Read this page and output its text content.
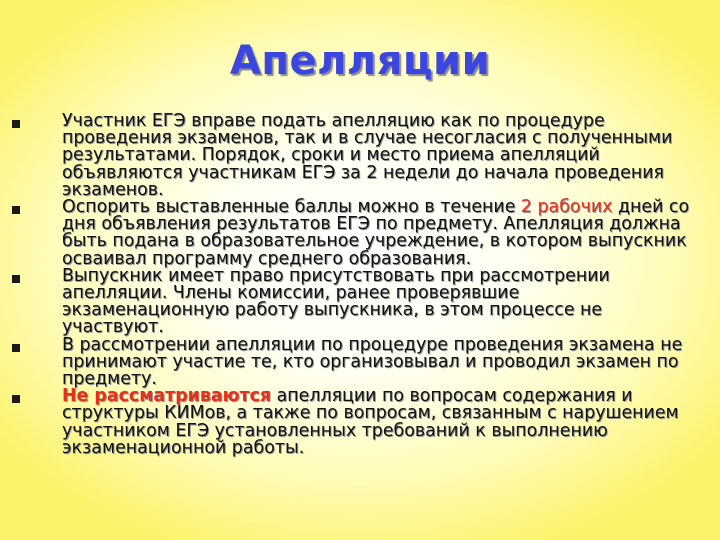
Апелляции
Участник ЕГЭ вправе подать апелляцию как по процедуре проведения экзаменов, так и в случае несогласия с полученными результатами. Порядок, сроки и место приема апелляций объявляются участникам ЕГЭ за 2 недели до начала проведения экзаменов.
Оспорить выставленные баллы можно в течение 2 рабочих дней со дня объявления результатов ЕГЭ по предмету. Апелляция должна быть подана в образовательное учреждение, в котором выпускник осваивал программу среднего образования.
Выпускник имеет право присутствовать при рассмотрении апелляции. Члены комиссии, ранее проверявшие экзаменационную работу выпускника, в этом процессе не участвуют.
В рассмотрении апелляции по процедуре проведения экзамена не принимают участие те, кто организовывал и проводил экзамен по предмету.
Не рассматриваются апелляции по вопросам содержания и структуры КИМов, а также по вопросам, связанным с нарушением участником ЕГЭ установленных требований к выполнению экзаменационной работы.
